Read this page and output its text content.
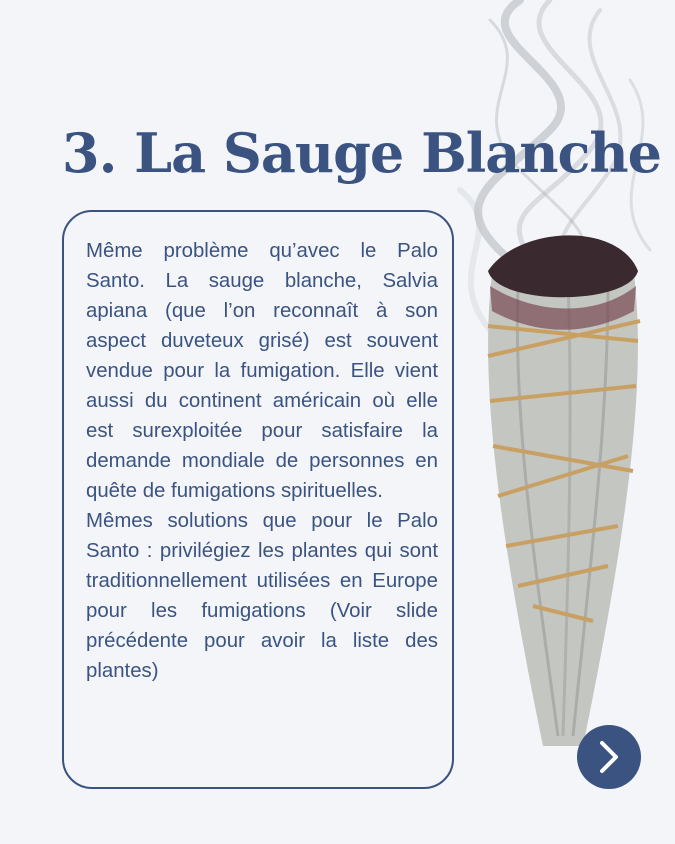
3. La Sauge Blanche

Même problème qu’avec le Palo Santo. La sauge blanche, Salvia apiana (que l’on reconnaît à son aspect duveteux grisé) est souvent vendue pour la fumigation. Elle vient aussi du continent américain où elle est surexploitée pour satisfaire la demande mondiale de personnes en quête de fumigations spirituelles.

Mêmes solutions que pour le Palo Santo : privilégiez les plantes qui sont traditionnellement utilisées en Europe pour les fumigations (Voir slide précédente pour avoir la liste des plantes)
